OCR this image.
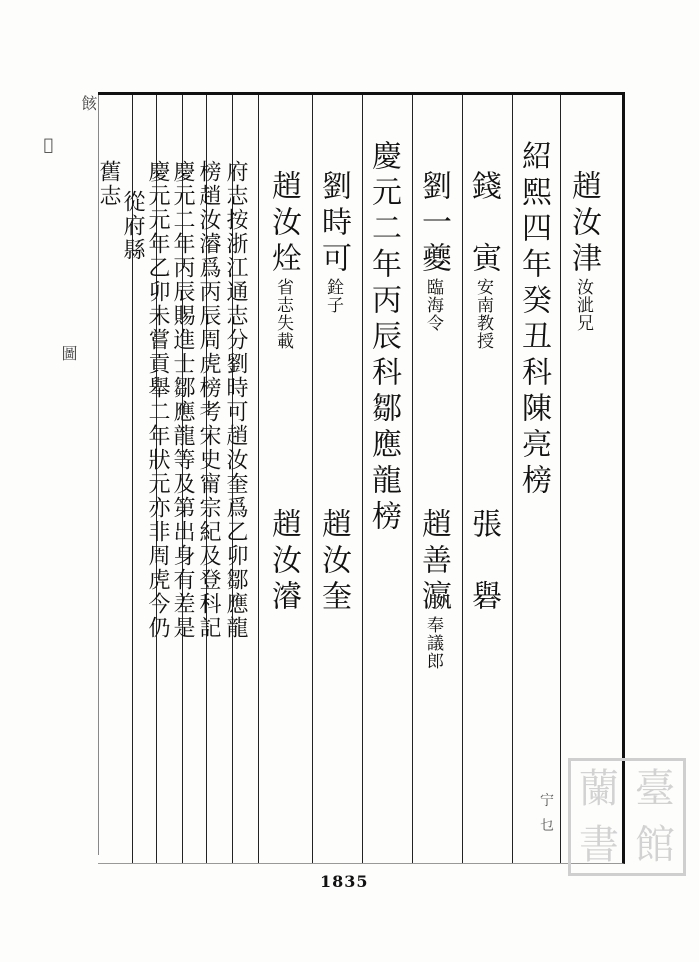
䬵
圖
𨑘
趙汝津汝泚兄
紹熙四年癸丑科陳亮榜
錢　寅安南教授
張　礜
劉一夔臨海令
趙善瀛奉議郎
慶元二年丙辰科鄒應龍榜
劉時可銓子
趙汝奎
趙汝烇省志失載
趙汝濬
府志按浙江通志分劉時可趙汝奎爲乙卯鄒應龍
榜趙汝濬爲丙辰周虎榜考宋史甯宗紀及登科記
慶元二年丙辰賜進士鄒應龍等及第出身有差是
慶元元年乙卯未嘗貢舉二年狀元亦非周虎今仍
從府縣
舊志
宁
乜
1835
蘭 臺
書 館
